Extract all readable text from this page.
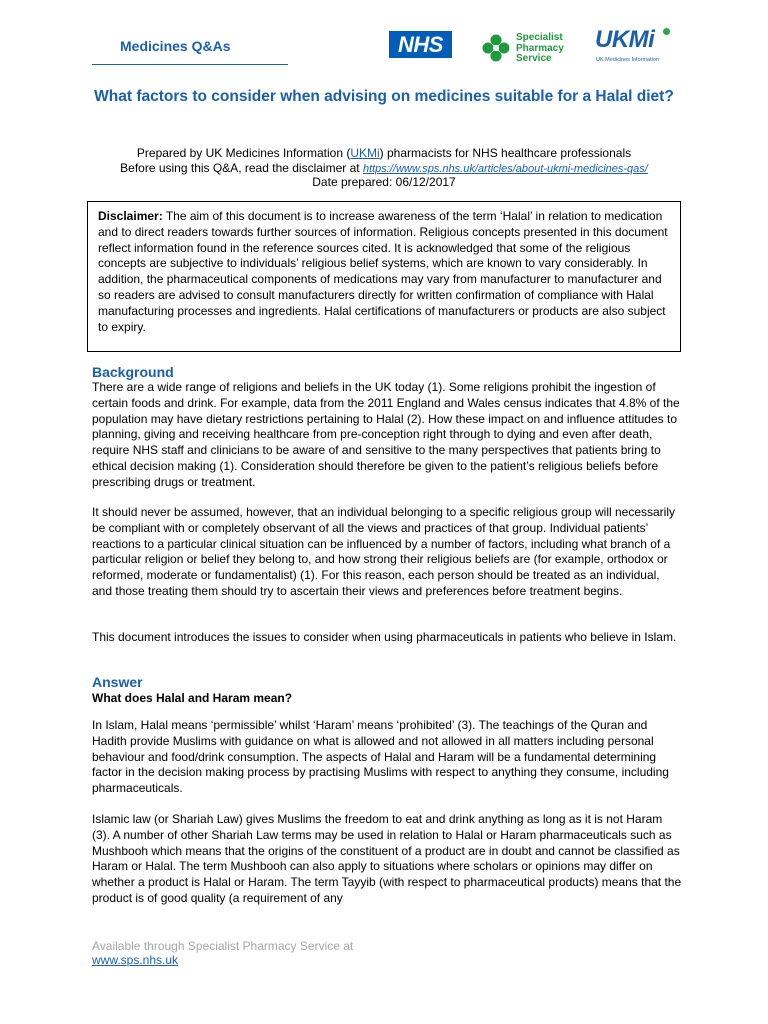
Medicines Q&As	NHS	Specialist
Pharmacy
Service
UKMi
UK Medicines Information
What factors to consider when advising on medicines suitable for a Halal diet?
Prepared by UK Medicines Information (UKMi) pharmacists for NHS healthcare professionals
Before using this Q&A, read the disclaimer at https://www.sps.nhs.uk/articles/about-ukmi-medicines-qas/
Date prepared: 06/12/2017
Disclaimer: The aim of this document is to increase awareness of the term ‘Halal’ in relation to medication and to direct readers towards further sources of information. Religious concepts presented in this document reflect information found in the reference sources cited. It is acknowledged that some of the religious concepts are subjective to individuals’ religious belief systems, which are known to vary considerably. In addition, the pharmaceutical components of medications may vary from manufacturer to manufacturer and so readers are advised to consult manufacturers directly for written confirmation of compliance with Halal manufacturing processes and ingredients. Halal certifications of manufacturers or products are also subject to expiry.
Background
There are a wide range of religions and beliefs in the UK today (1). Some religions prohibit the ingestion of certain foods and drink. For example, data from the 2011 England and Wales census indicates that 4.8% of the population may have dietary restrictions pertaining to Halal (2). How these impact on and influence attitudes to planning, giving and receiving healthcare from pre-conception right through to dying and even after death, require NHS staff and clinicians to be aware of and sensitive to the many perspectives that patients bring to ethical decision making (1). Consideration should therefore be given to the patient’s religious beliefs before prescribing drugs or treatment.
It should never be assumed, however, that an individual belonging to a specific religious group will necessarily be compliant with or completely observant of all the views and practices of that group. Individual patients’ reactions to a particular clinical situation can be influenced by a number of factors, including what branch of a particular religion or belief they belong to, and how strong their religious beliefs are (for example, orthodox or reformed, moderate or fundamentalist) (1). For this reason, each person should be treated as an individual, and those treating them should try to ascertain their views and preferences before treatment begins.
This document introduces the issues to consider when using pharmaceuticals in patients who believe in Islam.
Answer
What does Halal and Haram mean?
In Islam, Halal means ‘permissible’ whilst ‘Haram’ means ‘prohibited’ (3). The teachings of the Quran and Hadith provide Muslims with guidance on what is allowed and not allowed in all matters including personal behaviour and food/drink consumption. The aspects of Halal and Haram will be a fundamental determining factor in the decision making process by practising Muslims with respect to anything they consume, including pharmaceuticals.
Islamic law (or Shariah Law) gives Muslims the freedom to eat and drink anything as long as it is not Haram (3). A number of other Shariah Law terms may be used in relation to Halal or Haram pharmaceuticals such as Mushbooh which means that the origins of the constituent of a product are in doubt and cannot be classified as Haram or Halal. The term Mushbooh can also apply to situations where scholars or opinions may differ on whether a product is Halal or Haram. The term Tayyib (with respect to pharmaceutical products) means that the product is of good quality (a requirement of any
Available through Specialist Pharmacy Service at
www.sps.nhs.uk
